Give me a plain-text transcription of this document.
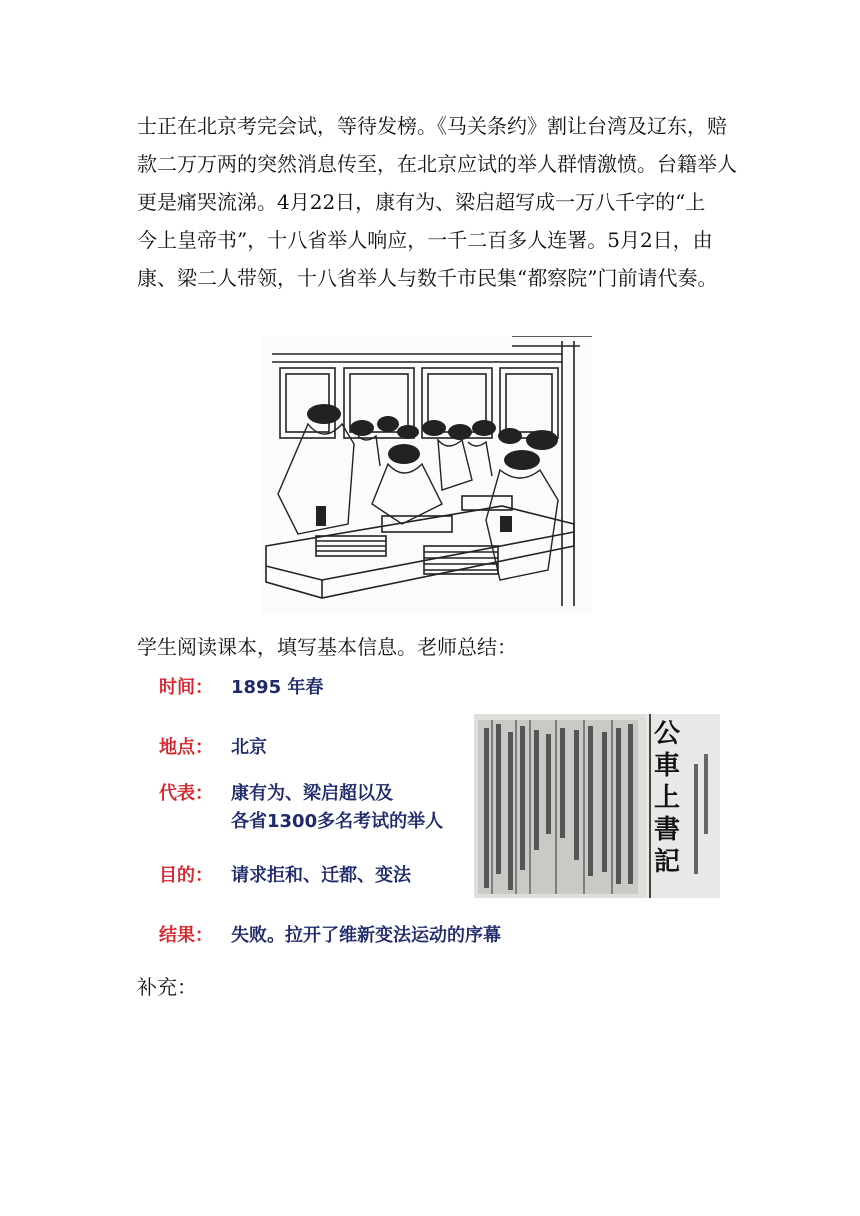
士正在北京考完会试，等待发榜。《马关条约》割让台湾及辽东，赔
款二万万两的突然消息传至，在北京应试的举人群情激愤。台籍举人
更是痛哭流涕。4月22日，康有为、梁启超写成一万八千字的“上
今上皇帝书”，十八省举人响应，一千二百多人连署。5月2日，由
康、梁二人带领，十八省举人与数千市民集“都察院”门前请代奏。

学生阅读课本，填写基本信息。老师总结：

时间： 1895 年春
地点： 北京
代表： 康有为、梁启超以及
各省1300多名考试的举人
目的： 请求拒和、迁都、变法
结果： 失败。拉开了维新变法运动的序幕
公車上書記

补充：
